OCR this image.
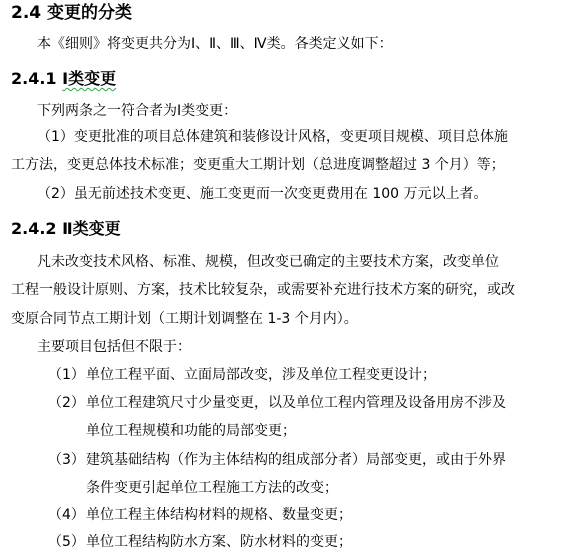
2.4 变更的分类
本《细则》将变更共分为Ⅰ、Ⅱ、Ⅲ、Ⅳ类。各类定义如下：
2.4.1 Ⅰ类变更
下列两条之一符合者为Ⅰ类变更：
（1）变更批准的项目总体建筑和装修设计风格，变更项目规模、项目总体施
工方法，变更总体技术标准；变更重大工期计划（总进度调整超过 3 个月）等；
（2）虽无前述技术变更、施工变更而一次变更费用在 100 万元以上者。
2.4.2 Ⅱ类变更
凡未改变技术风格、标准、规模，但改变已确定的主要技术方案，改变单位
工程一般设计原则、方案，技术比较复杂，或需要补充进行技术方案的研究，或改
变原合同节点工期计划（工期计划调整在 1-3 个月内）。
主要项目包括但不限于：
（1） 单位工程平面、立面局部改变，涉及单位工程变更设计；
（2） 单位工程建筑尺寸少量变更，以及单位工程内管理及设备用房不涉及
单位工程规模和功能的局部变更；
（3） 建筑基础结构（作为主体结构的组成部分者）局部变更，或由于外界
条件变更引起单位工程施工方法的改变；
（4） 单位工程主体结构材料的规格、数量变更；
（5） 单位工程结构防水方案、防水材料的变更；
